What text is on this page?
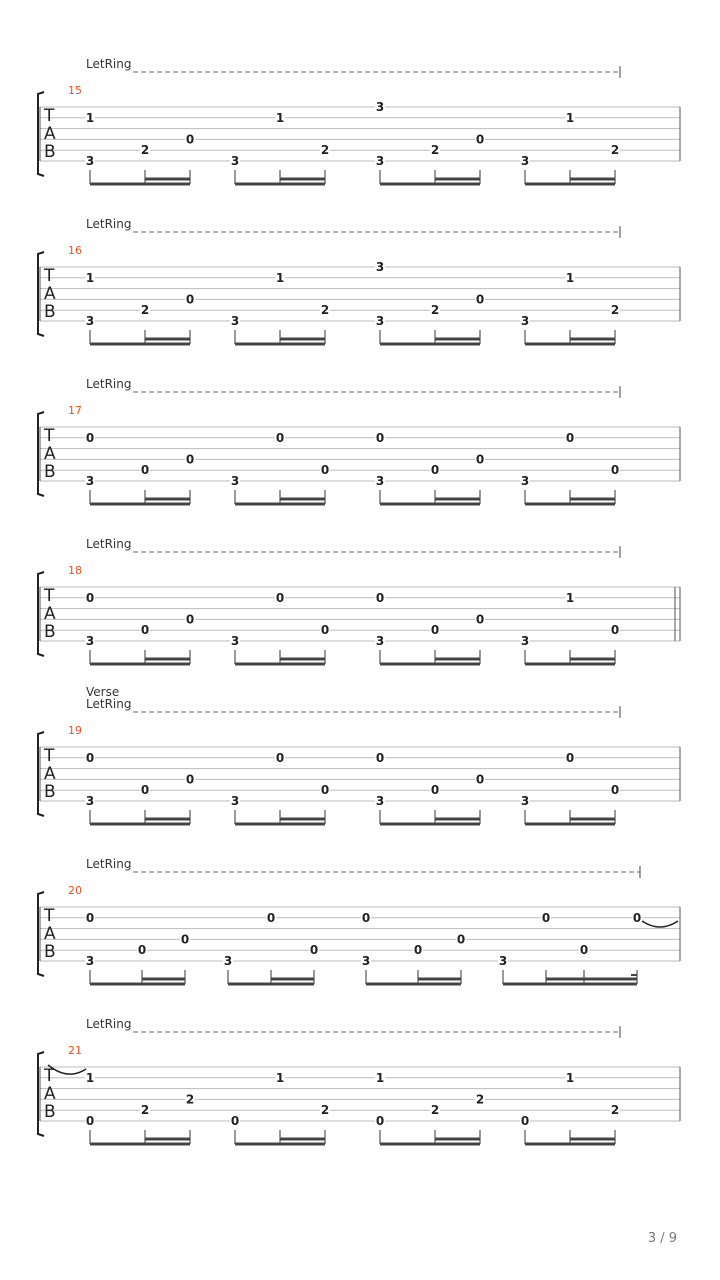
T
A
B
15
LetRing
3
1
2
0
3
1
2
3
3
2
0
3
1
2
T
A
B
16
LetRing
3
1
2
0
3
1
2
3
3
2
0
3
1
2
T
A
B
17
LetRing
3
0
0
0
3
0
0
0
3
0
0
3
0
0
T
A
B
18
LetRing
3
0
0
0
3
0
0
0
3
0
0
3
1
0
T
A
B
19
Verse
LetRing
3
0
0
0
3
0
0
0
3
0
0
3
0
0
T
A
B
20
LetRing
3
0
0
0
3
0
0
0
3
0
0
3
0
0
0
T
A
B
21
LetRing
0
1
2
2
0
1
2
1
0
2
2
0
1
2
3 / 9
